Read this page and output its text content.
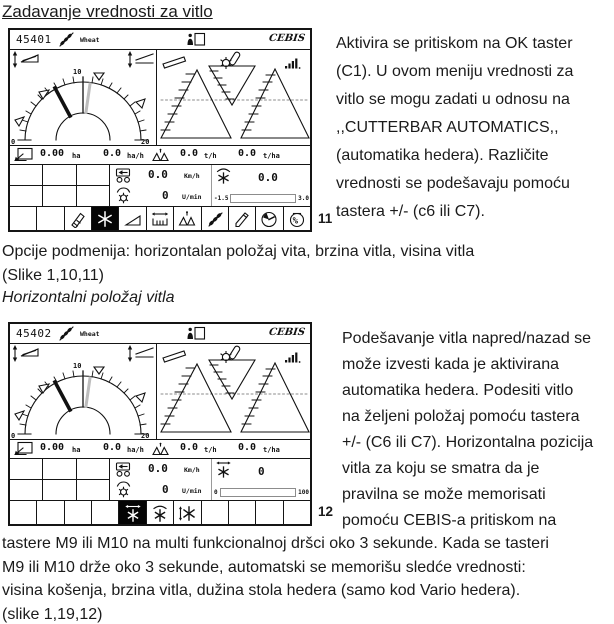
Zadavanje vrednosti za vitlo
45401	Wheat	CEBIS
10
0	20
0.00 ha 0.0 ha/h	0.0 t/h 0.0 t/ha
0.0 Km/h
0 U/min
0.0
-1.5	3.0
% 11
Aktivira se pritiskom na OK taster
(C1). U ovom meniju vrednosti za
vitlo se mogu zadati u odnosu na
,,CUTTERBAR AUTOMATICS,,
(automatika hedera). Različite
vrednosti se podešavaju pomoću
tastera +/- (c6 ili C7).
Opcije podmenija: horizontalan položaj vita, brzina vitla, visina vitla
(Slike 1,10,11)
Horizontalni položaj vitla
45402	Wheat	CEBIS
10
0	20
0.00 ha 0.0 ha/h	0.0 t/h 0.0 t/ha
0.0 Km/h
0 U/min
0
0	100
12
Podešavanje vitla napred/nazad se
može izvesti kada je aktivirana
automatika hedera. Podesiti vitlo
na željeni položaj pomoću tastera
+/- (C6 ili C7). Horizontalna pozicija
vitla za koju se smatra da je
pravilna se može memorisati
pomoću CEBIS-a pritiskom na
tastere M9 ili M10 na multi funkcionalnoj dršci oko 3 sekunde. Kada se tasteri
M9 ili M10 drže oko 3 sekunde, automatski se memorišu sledće vrednosti:
visina košenja, brzina vitla, dužina stola hedera (samo kod Vario hedera).
(slike 1,19,12)
